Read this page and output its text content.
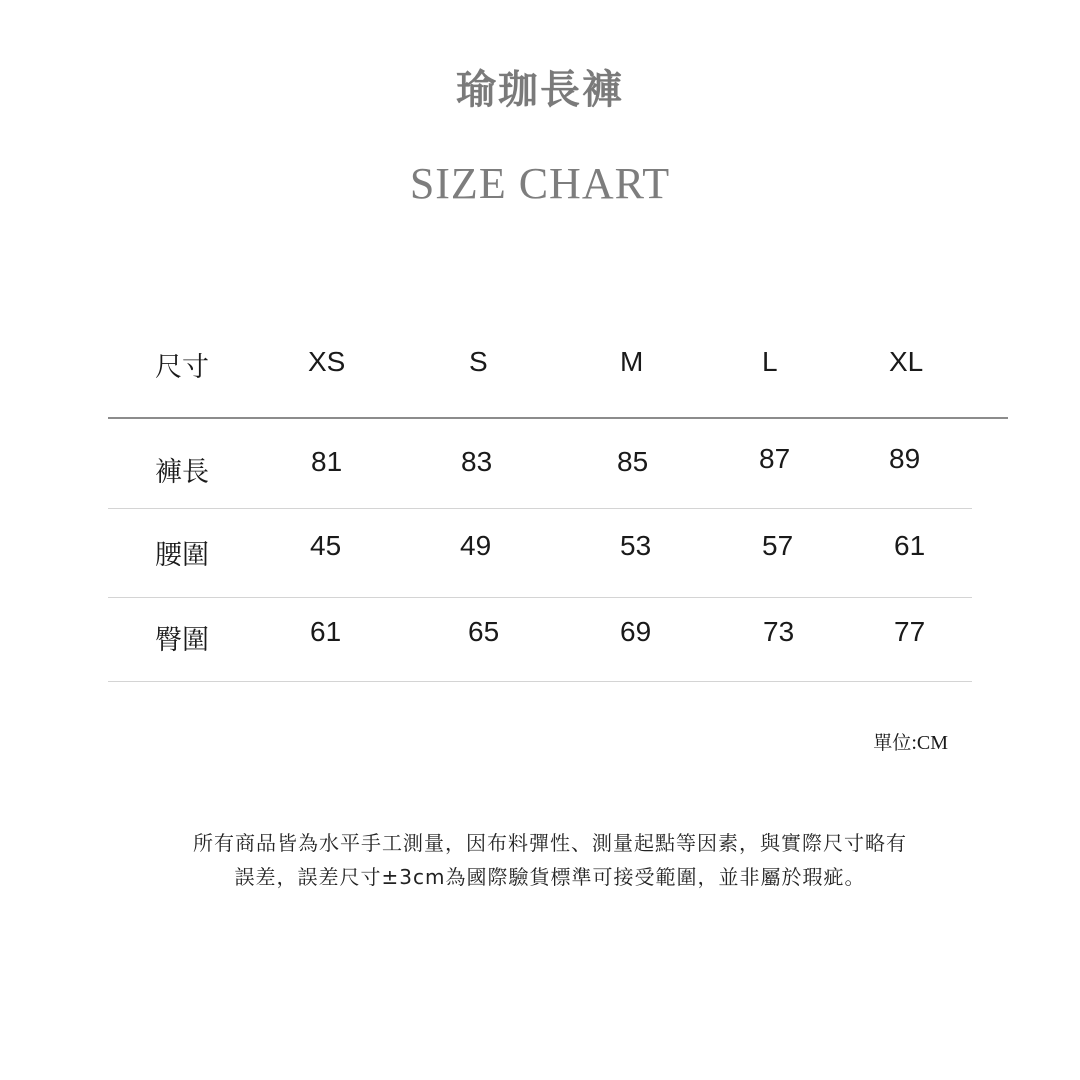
瑜珈長褲
SIZE CHART
尺寸	XS	S	M	L	XL
褲長	81	83	85	87	89
腰圍	45	49	53	57	61
臀圍	61	65	69	73	77
單位:CM
所有商品皆為水平手工測量，因布料彈性、測量起點等因素，與實際尺寸略有誤差，誤差尺寸±3cm為國際驗貨標準可接受範圍，並非屬於瑕疵。
